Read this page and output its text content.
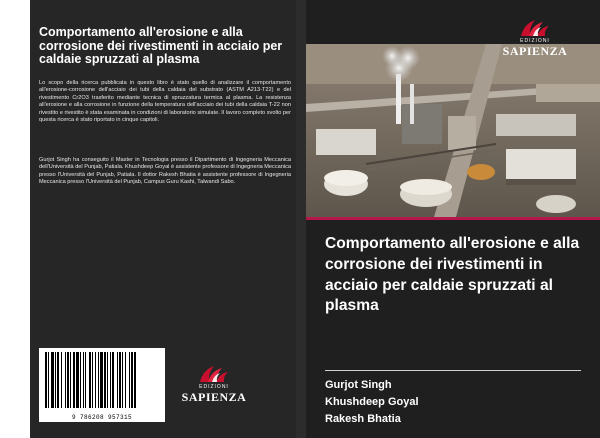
Comportamento all'erosione e alla corrosione dei rivestimenti in acciaio per caldaie spruzzati al plasma
Lo scopo della ricerca pubblicata in questo libro è stato quello di analizzare il comportamento all'erosione-corrosione dell'acciaio dei tubi della caldaia del substrato (ASTM A213-T22) e del rivestimento Cr2O3 trasferito mediante tecnica di spruzzatura termica al plasma. La resistenza all'erosione e alla corrosione in funzione della temperatura dell'acciaio dei tubi della caldaia T-22 non rivestito e rivestito è stata esaminata in condizioni di laboratorio simulate. Il lavoro completo svolto per questa ricerca è stato riportato in cinque capitoli.
Gurjot Singh ha conseguito il Master in Tecnologia presso il Dipartimento di Ingegneria Meccanica dell'Università del Punjab, Patiala. Khushdeep Goyal è assistente professore di Ingegneria Meccanica presso l'Università del Punjab, Patiala. Il dottor Rakesh Bhatia è assistente professore di Ingegneria Meccanica presso l'Università del Punjab, Campus Guru Kashi, Talwandi Sabo.
9 786208 957315
EDIZIONI
SAPIENZA
EDIZIONI
SAPIENZA
Comportamento all'erosione e alla corrosione dei rivestimenti in acciaio per caldaie spruzzati al plasma
Gurjot Singh
Khushdeep Goyal
Rakesh Bhatia
